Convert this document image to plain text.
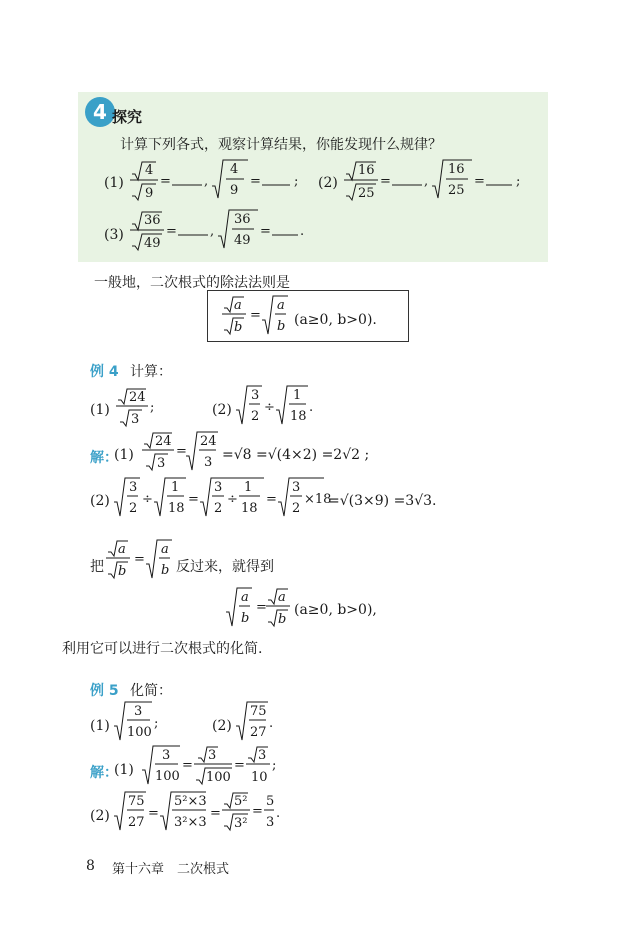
4 探究
计算下列各式，观察计算结果，你能发现什么规律？
(1)
4
9
=	,
4
9
=	; (2)
16
25
=	,
16
25
= ;
(3)
36
49
=	,
36
49
= .
一般地，二次根式的除法法则是
a
b
=
a
b (a≥0, b>0).
例 4 计算：
(1)
24
3
;	(2)
3
2
÷
1
18
.
解：
(1)
24
3
=
24
3 =√8 =√(4×2) =2√2 ;
(2)
3
2
÷
1
18
=
3
2
÷
1
18
=
3
2
×18
=√(3×9) =3√3.
把
a
b
=
a
b 反过来，就得到
a
b
=
a
b
(a≥0, b>0),
利用它可以进行二次根式的化简.
例 5 化简：
(1)
3
100
;	(2)
75
27
.
解：
(1)
3
100
=
3
100
=
3
10
;
(2)
75
27
=
5²×3
3²×3
=
5²
3²
=
5
3
.
8 第十六章　二次根式
